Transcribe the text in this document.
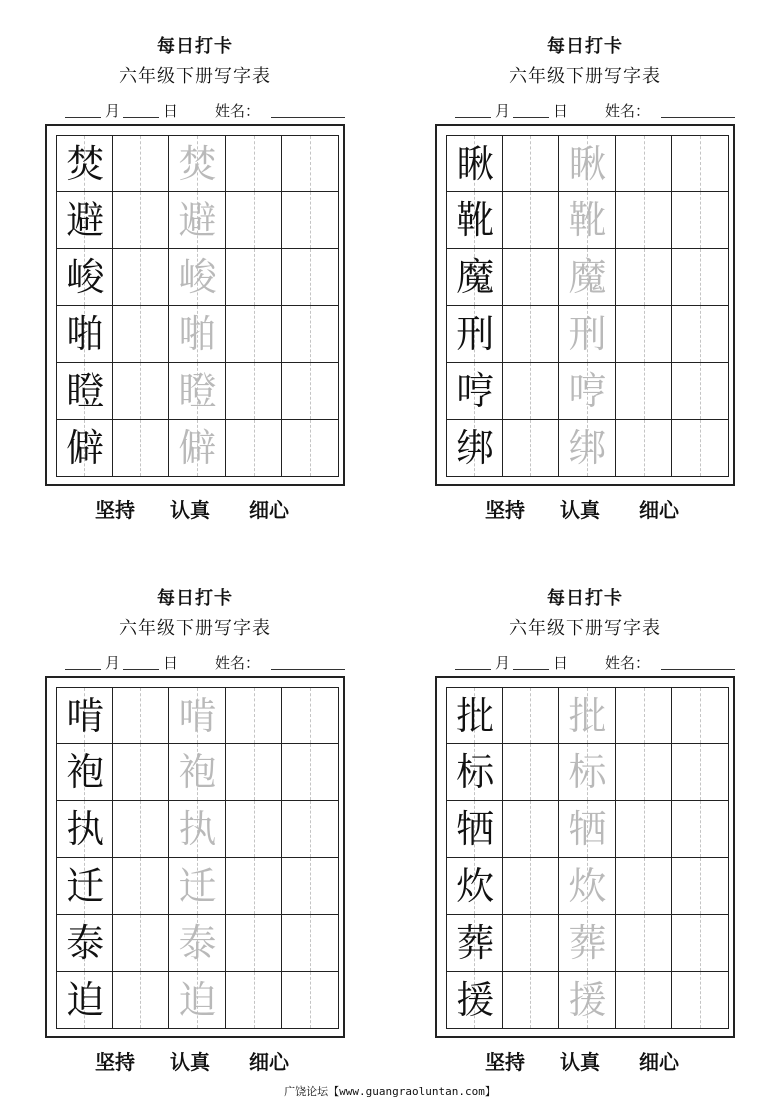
每日打卡
六年级下册写字表
月	日 姓名：
焚 焚
避 避
峻 峻
啪 啪
瞪 瞪
僻 僻
坚持 认真 细心
每日打卡
六年级下册写字表
月	日 姓名：
瞅 瞅
靴 靴
魔 魔
刑 刑
哼 哼
绑 绑
坚持 认真 细心
每日打卡
六年级下册写字表
月	日 姓名：
啃 啃
袍 袍
执 执
迁 迁
泰 泰
迫 迫
坚持 认真 细心
每日打卡
六年级下册写字表
月	日 姓名：
批 批
标 标
牺 牺
炊 炊
葬 葬
援 援
坚持 认真 细心
广饶论坛【www.guangraoluntan.com】
